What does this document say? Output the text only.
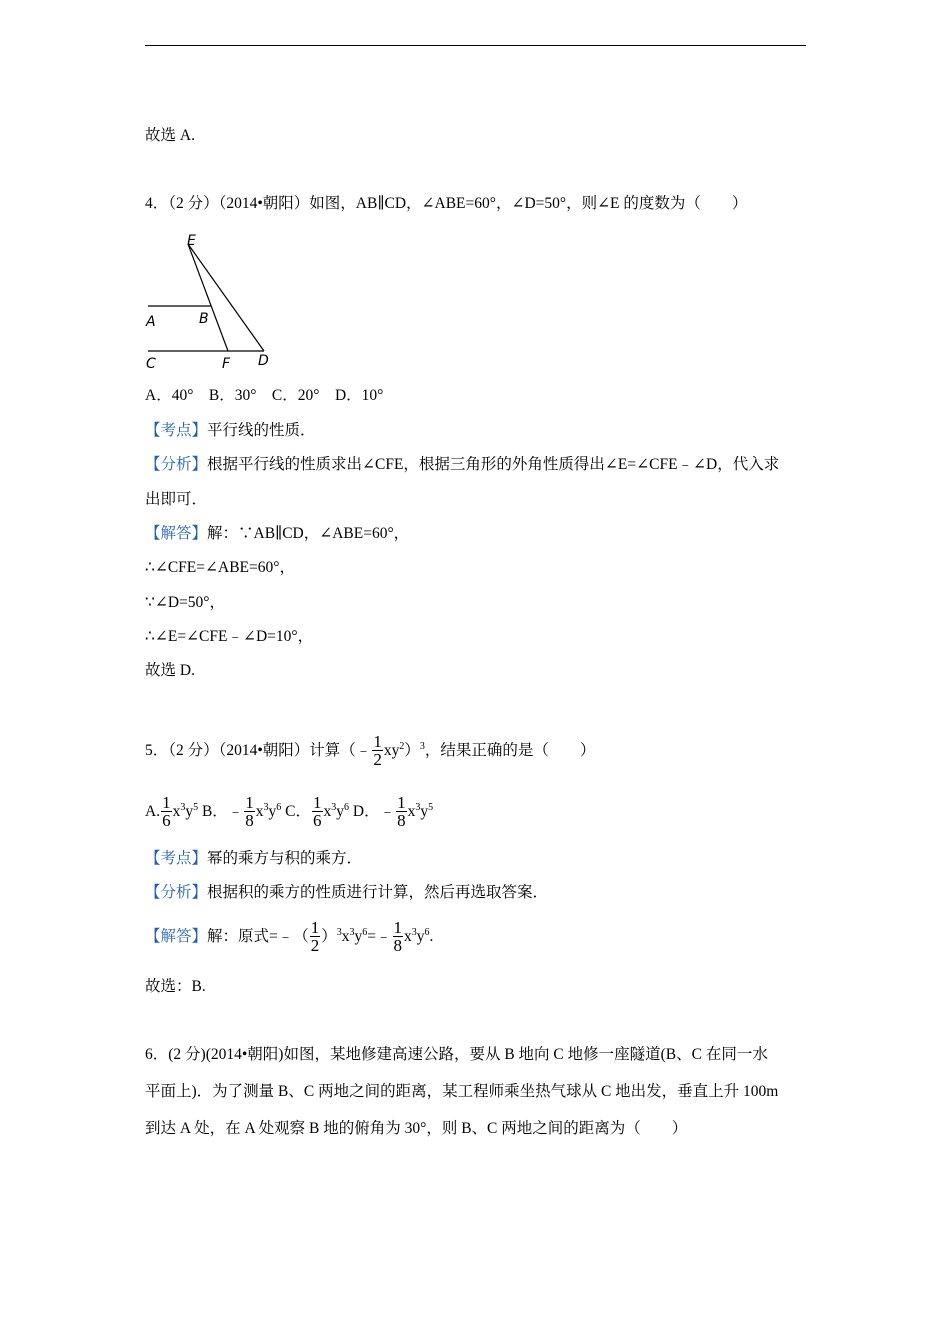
故选 A.
4．（2 分）（2014•朝阳）如图，AB∥CD，∠ABE=60°，∠D=50°，则∠E 的度数为（　　）
E
A	B
C	F D
A．40°　B．30°　C．20°　D．10°
【考点】平行线的性质．
【分析】根据平行线的性质求出∠CFE，根据三角形的外角性质得出∠E=∠CFE﹣∠D，代入求
出即可．
【解答】解：∵AB∥CD，∠ABE=60°，
∴∠CFE=∠ABE=60°，
∵∠D=50°，
∴∠E=∠CFE﹣∠D=10°，
故选 D.
5．（2 分）（2014•朝阳）计算（﹣ $\frac{1}{2} xy^2)^3$，结果正确的是（　　）
A. $\frac{1}{6} x^3y^5$ B．﹣ $\frac{1}{8} x^3y^6$ C． $\frac{1}{6} x^3y^6$ D．﹣ $\frac{1}{8} x^3y^5$
【考点】幂的乘方与积的乘方．
【分析】根据积的乘方的性质进行计算，然后再选取答案．
【解答】解：原式=﹣（ $\frac{1}{2}$ ）$^3x^3y^6=﹣ \frac{1}{8} x^3y^6$.
故选：B.
6．(2 分)(2014•朝阳)如图，某地修建高速公路，要从 B 地向 C 地修一座隧道(B、C 在同一水
平面上)．为了测量 B、C 两地之间的距离，某工程师乘坐热气球从 C 地出发，垂直上升 100m
到达 A 处，在 A 处观察 B 地的俯角为 30°，则 B、C 两地之间的距离为（　　）
